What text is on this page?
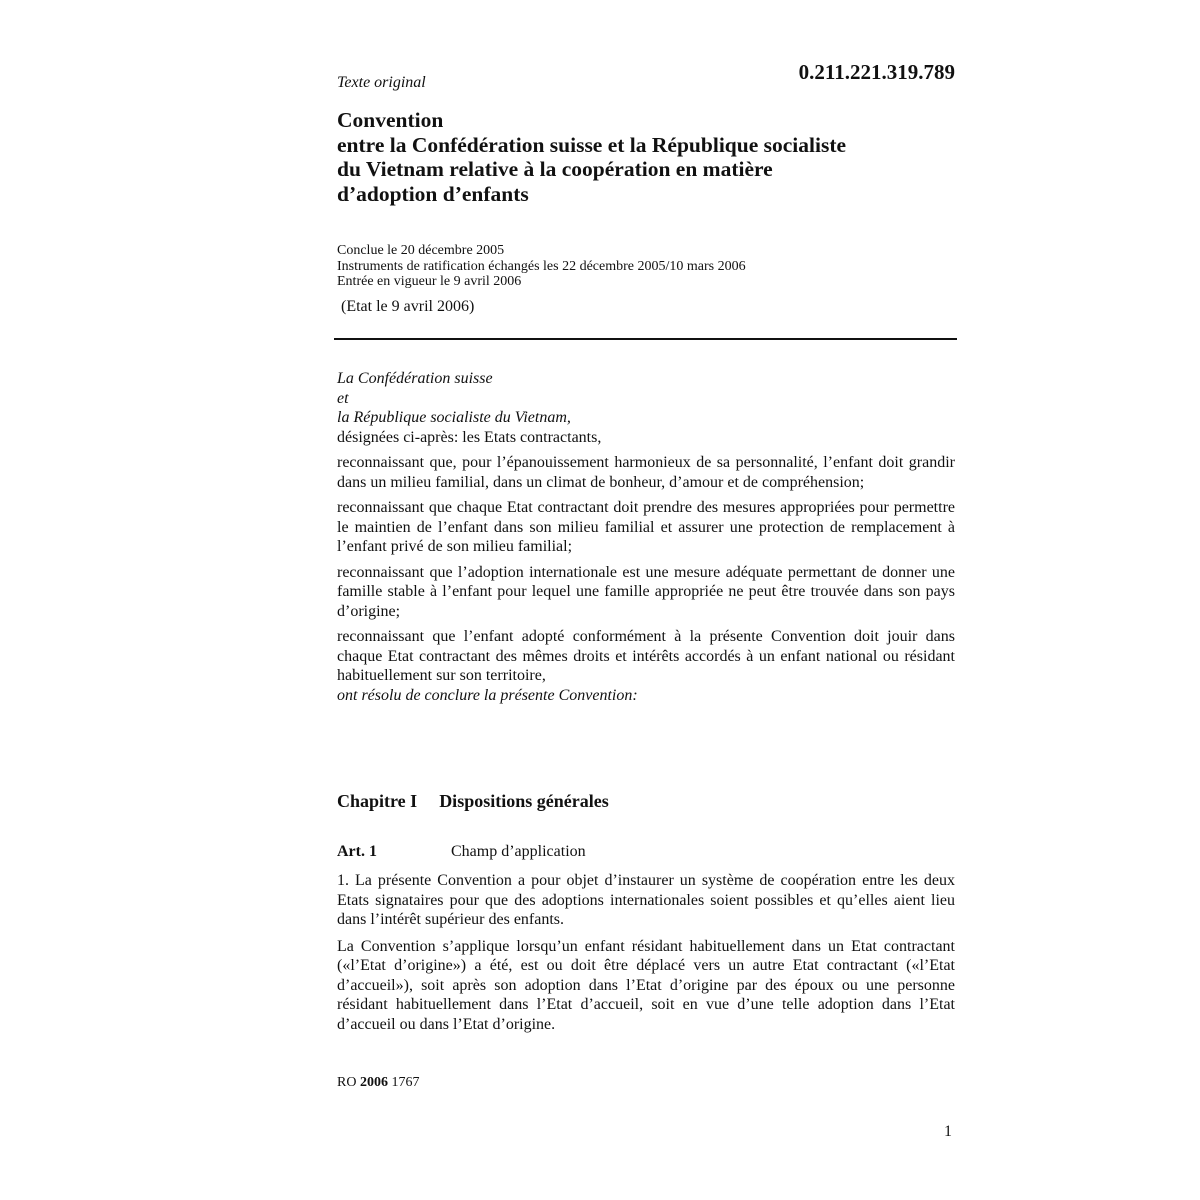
0.211.221.319.789
Texte original
Convention
entre la Confédération suisse et la République socialiste
du Vietnam relative à la coopération en matière
d’adoption d’enfants
Conclue le 20 décembre 2005
Instruments de ratification échangés les 22 décembre 2005/10 mars 2006
Entrée en vigueur le 9 avril 2006
(Etat le 9 avril 2006)
La Confédération suisse
et
la République socialiste du Vietnam,
désignées ci-après: les Etats contractants,

reconnaissant que, pour l’épanouissement harmonieux de sa personnalité, l’enfant doit grandir dans un milieu familial, dans un climat de bonheur, d’amour et de compréhension;

reconnaissant que chaque Etat contractant doit prendre des mesures appropriées pour permettre le maintien de l’enfant dans son milieu familial et assurer une protection de remplacement à l’enfant privé de son milieu familial;

reconnaissant que l’adoption internationale est une mesure adéquate permettant de donner une famille stable à l’enfant pour lequel une famille appropriée ne peut être trouvée dans son pays d’origine;

reconnaissant que l’enfant adopté conformément à la présente Convention doit jouir dans chaque Etat contractant des mêmes droits et intérêts accordés à un enfant national ou résidant habituellement sur son territoire,

ont résolu de conclure la présente Convention:
Chapitre I Dispositions générales
Art. 1	Champ d’application

1. La présente Convention a pour objet d’instaurer un système de coopération entre les deux Etats signataires pour que des adoptions internationales soient possibles et qu’elles aient lieu dans l’intérêt supérieur des enfants.

La Convention s’applique lorsqu’un enfant résidant habituellement dans un Etat contractant («l’Etat d’origine») a été, est ou doit être déplacé vers un autre Etat contractant («l’Etat d’accueil»), soit après son adoption dans l’Etat d’origine par des époux ou une personne résidant habituellement dans l’Etat d’accueil, soit en vue d’une telle adoption dans l’Etat d’accueil ou dans l’Etat d’origine.

RO 2006 1767
1
